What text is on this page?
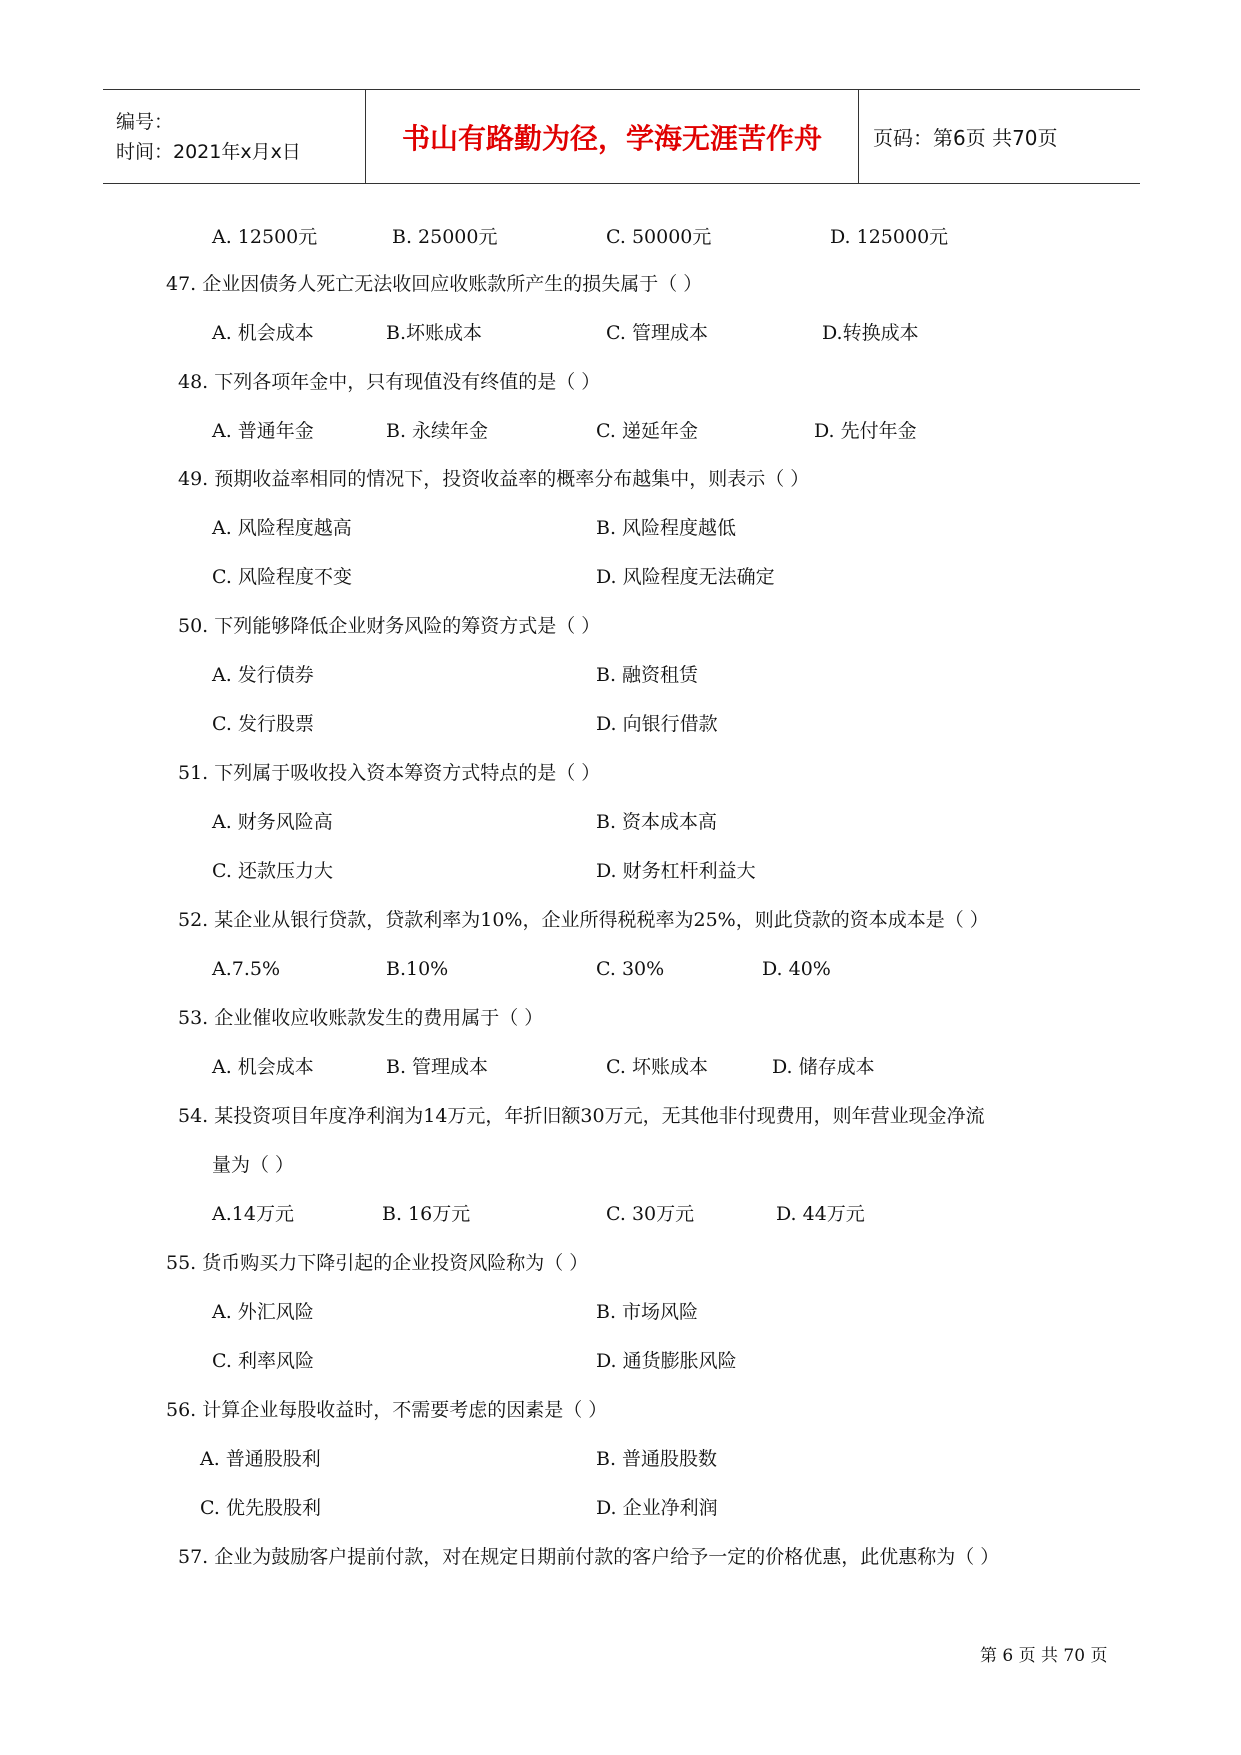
编号：
时间：2021年x月x日	书山有路勤为径，学海无涯苦作舟	页码：第6页 共70页
A. 12500元	B. 25000元	C. 50000元	D. 125000元
47. 企业因债务人死亡无法收回应收账款所产生的损失属于（ ）
A. 机会成本	B.坏账成本	C. 管理成本	D.转换成本
48. 下列各项年金中，只有现值没有终值的是（ ）
A. 普通年金	B. 永续年金	C. 递延年金	D. 先付年金
49. 预期收益率相同的情况下，投资收益率的概率分布越集中，则表示（ ）
A. 风险程度越高	B. 风险程度越低
C. 风险程度不变	D. 风险程度无法确定
50. 下列能够降低企业财务风险的筹资方式是（ ）
A. 发行债券	B. 融资租赁
C. 发行股票	D. 向银行借款
51. 下列属于吸收投入资本筹资方式特点的是（ ）
A. 财务风险高	B. 资本成本高
C. 还款压力大	D. 财务杠杆利益大
52. 某企业从银行贷款，贷款利率为10%，企业所得税税率为25%，则此贷款的资本成本是（ ）
A.7.5%	B.10%	C. 30%	D. 40%
53. 企业催收应收账款发生的费用属于（ ）
A. 机会成本	B. 管理成本	C. 坏账成本	D. 储存成本
54. 某投资项目年度净利润为14万元，年折旧额30万元，无其他非付现费用，则年营业现金净流
量为（ ）
A.14万元	B. 16万元	C. 30万元	D. 44万元
55. 货币购买力下降引起的企业投资风险称为（ ）
A. 外汇风险	B. 市场风险
C. 利率风险	D. 通货膨胀风险
56. 计算企业每股收益时，不需要考虑的因素是（ ）
A. 普通股股利	B. 普通股股数
C. 优先股股利	D. 企业净利润
57. 企业为鼓励客户提前付款，对在规定日期前付款的客户给予一定的价格优惠，此优惠称为（ ）
第 6 页 共 70 页
